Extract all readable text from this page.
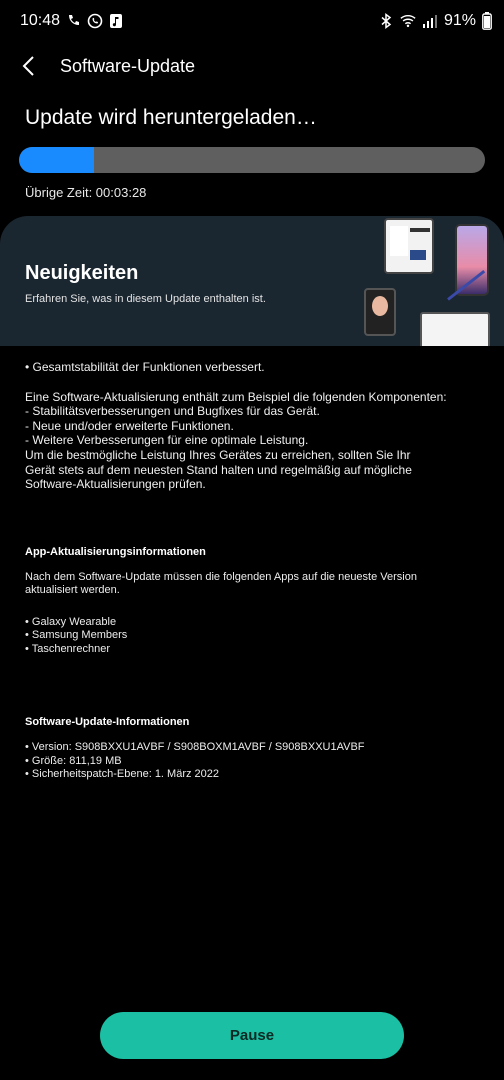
10:48	91%
Software-Update
Update wird heruntergeladen…
Übrige Zeit: 00:03:28
Neuigkeiten
Erfahren Sie, was in diesem Update enthalten ist.
• Gesamtstabilität der Funktionen verbessert.
Eine Software-Aktualisierung enthält zum Beispiel die folgenden Komponenten:
- Stabilitätsverbesserungen und Bugfixes für das Gerät.
- Neue und/oder erweiterte Funktionen.
- Weitere Verbesserungen für eine optimale Leistung.
Um die bestmögliche Leistung Ihres Gerätes zu erreichen, sollten Sie Ihr
Gerät stets auf dem neuesten Stand halten und regelmäßig auf mögliche
Software-Aktualisierungen prüfen.
App-Aktualisierungsinformationen
Nach dem Software-Update müssen die folgenden Apps auf die neueste Version
aktualisiert werden.
• Galaxy Wearable
• Samsung Members
• Taschenrechner
Software-Update-Informationen
• Version: S908BXXU1AVBF / S908BOXM1AVBF / S908BXXU1AVBF
• Größe: 811,19 MB
• Sicherheitspatch-Ebene: 1. März 2022
Pause
